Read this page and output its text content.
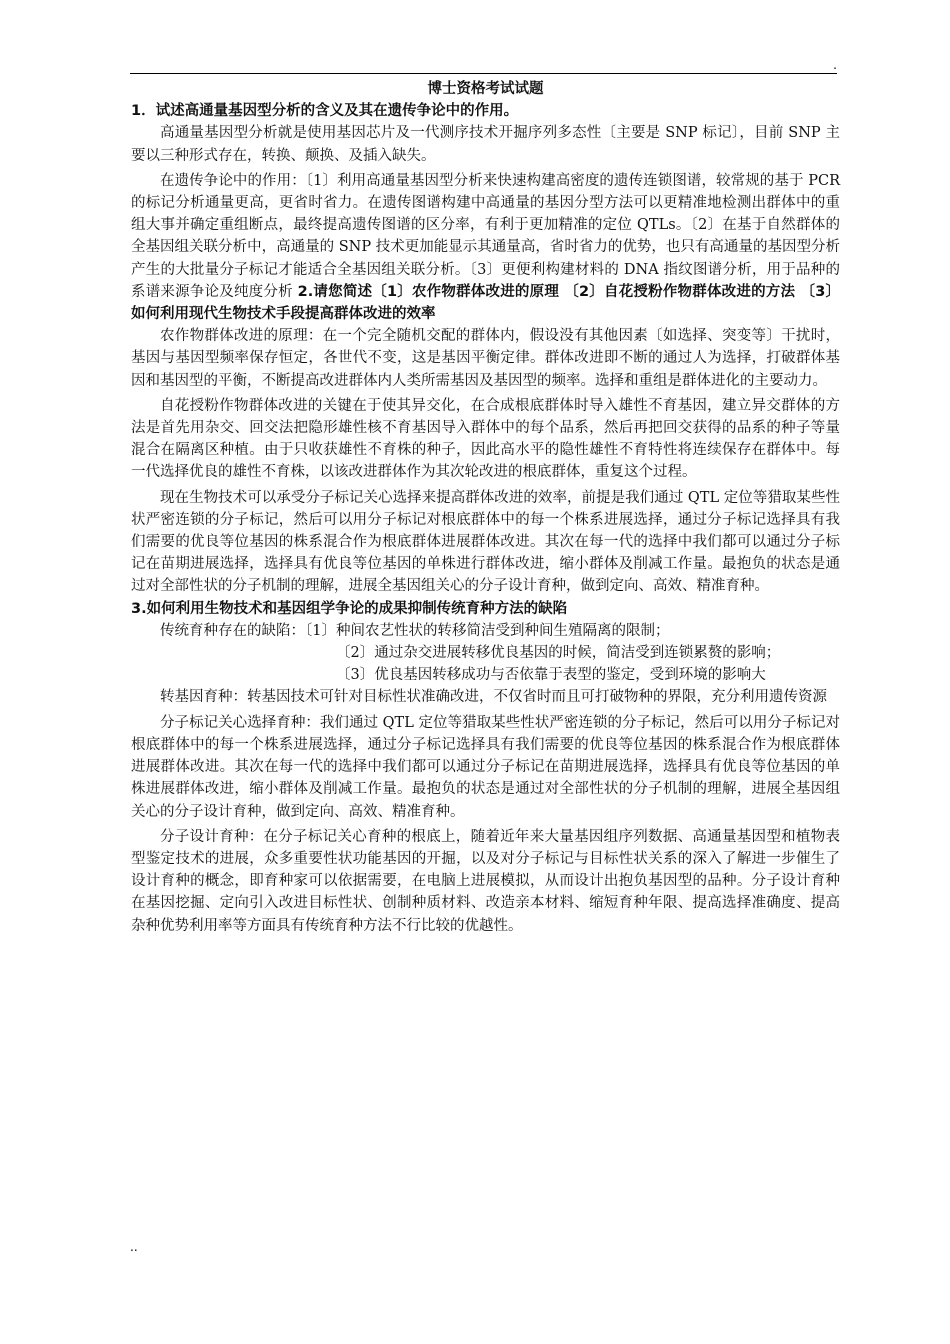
.

博士资格考试试题

1．试述高通量基因型分析的含义及其在遗传争论中的作用。

高通量基因型分析就是使用基因芯片及一代测序技术开掘序列多态性〔主要是 SNP 标记〕，目前 SNP 主要以三种形式存在，转换、颠换、及插入缺失。

在遗传争论中的作用：〔1〕利用高通量基因型分析来快速构建高密度的遗传连锁图谱，较常规的基于 PCR 的标记分析通量更高，更省时省力。在遗传图谱构建中高通量的基因分型方法可以更精准地检测出群体中的重组大事并确定重组断点，最终提高遗传图谱的区分率，有利于更加精准的定位 QTLs。〔2〕在基于自然群体的全基因组关联分析中，高通量的 SNP 技术更加能显示其通量高，省时省力的优势，也只有高通量的基因型分析产生的大批量分子标记才能适合全基因组关联分析。〔3〕更便利构建材料的 DNA 指纹图谱分析，用于品种的系谱来源争论及纯度分析 2.请您简述〔1〕农作物群体改进的原理 〔2〕自花授粉作物群体改进的方法 〔3〕如何利用现代生物技术手段提高群体改进的效率

农作物群体改进的原理：在一个完全随机交配的群体内，假设没有其他因素〔如选择、突变等〕干扰时，基因与基因型频率保存恒定，各世代不变，这是基因平衡定律。群体改进即不断的通过人为选择，打破群体基因和基因型的平衡，不断提高改进群体内人类所需基因及基因型的频率。选择和重组是群体进化的主要动力。

自花授粉作物群体改进的关键在于使其异交化，在合成根底群体时导入雄性不育基因，建立异交群体的方法是首先用杂交、回交法把隐形雄性核不育基因导入群体中的每个品系，然后再把回交获得的品系的种子等量混合在隔离区种植。由于只收获雄性不育株的种子，因此高水平的隐性雄性不育特性将连续保存在群体中。每一代选择优良的雄性不育株，以该改进群体作为其次轮改进的根底群体，重复这个过程。

现在生物技术可以承受分子标记关心选择来提高群体改进的效率，前提是我们通过 QTL 定位等猎取某些性状严密连锁的分子标记，然后可以用分子标记对根底群体中的每一个株系进展选择，通过分子标记选择具有我们需要的优良等位基因的株系混合作为根底群体进展群体改进。其次在每一代的选择中我们都可以通过分子标记在苗期进展选择，选择具有优良等位基因的单株进行群体改进，缩小群体及削减工作量。最抱负的状态是通过对全部性状的分子机制的理解，进展全基因组关心的分子设计育种，做到定向、高效、精准育种。

3.如何利用生物技术和基因组学争论的成果抑制传统育种方法的缺陷

传统育种存在的缺陷：〔1〕种间农艺性状的转移简洁受到种间生殖隔离的限制；

〔2〕通过杂交进展转移优良基因的时候，简洁受到连锁累赘的影响；

〔3〕优良基因转移成功与否依靠于表型的鉴定，受到环境的影响大

转基因育种：转基因技术可针对目标性状准确改进，不仅省时而且可打破物种的界限，充分利用遗传资源

分子标记关心选择育种：我们通过 QTL 定位等猎取某些性状严密连锁的分子标记，然后可以用分子标记对根底群体中的每一个株系进展选择，通过分子标记选择具有我们需要的优良等位基因的株系混合作为根底群体进展群体改进。其次在每一代的选择中我们都可以通过分子标记在苗期进展选择，选择具有优良等位基因的单株进展群体改进，缩小群体及削减工作量。最抱负的状态是通过对全部性状的分子机制的理解，进展全基因组关心的分子设计育种，做到定向、高效、精准育种。

分子设计育种：在分子标记关心育种的根底上，随着近年来大量基因组序列数据、高通量基因型和植物表型鉴定技术的进展，众多重要性状功能基因的开掘，以及对分子标记与目标性状关系的深入了解进一步催生了设计育种的概念，即育种家可以依据需要，在电脑上进展模拟，从而设计出抱负基因型的品种。分子设计育种在基因挖掘、定向引入改进目标性状、创制种质材料、改造亲本材料、缩短育种年限、提高选择准确度、提高杂种优势利用率等方面具有传统育种方法不行比较的优越性。

..
